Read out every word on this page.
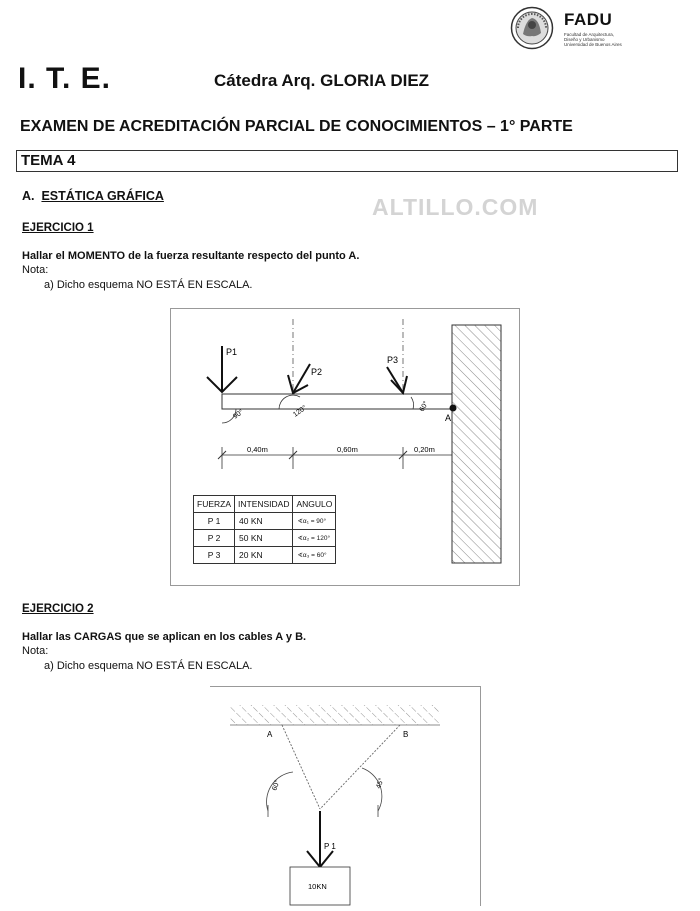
FADU
Facultad de Arquitectura,
Diseño y Urbanismo
Universidad de Buenos Aires
I. T. E.	Cátedra Arq. GLORIA DIEZ
EXAMEN DE ACREDITACIÓN PARCIAL DE CONOCIMIENTOS – 1° PARTE
TEMA 4
A. ESTÁTICA GRÁFICA	ALTILLO.COM
EJERCICIO 1
Hallar el MOMENTO de la fuerza resultante respecto del punto A.
Nota:
a) Dicho esquema NO ESTÁ EN ESCALA.
P1
P2
P3
A
90°	120°	60°
0,40m	0,60m	0,20m
FUERZA	INTENSIDAD	ANGULO
P 1	40 KN	∢α₁ = 90°
P 2	50 KN	∢α₂ = 120°
P 3	20 KN	∢α₃ = 60°
EJERCICIO 2
Hallar las CARGAS que se aplican en los cables A y B.
Nota:
a) Dicho esquema NO ESTÁ EN ESCALA.
A	B
60°	45°
P 1
10KN
